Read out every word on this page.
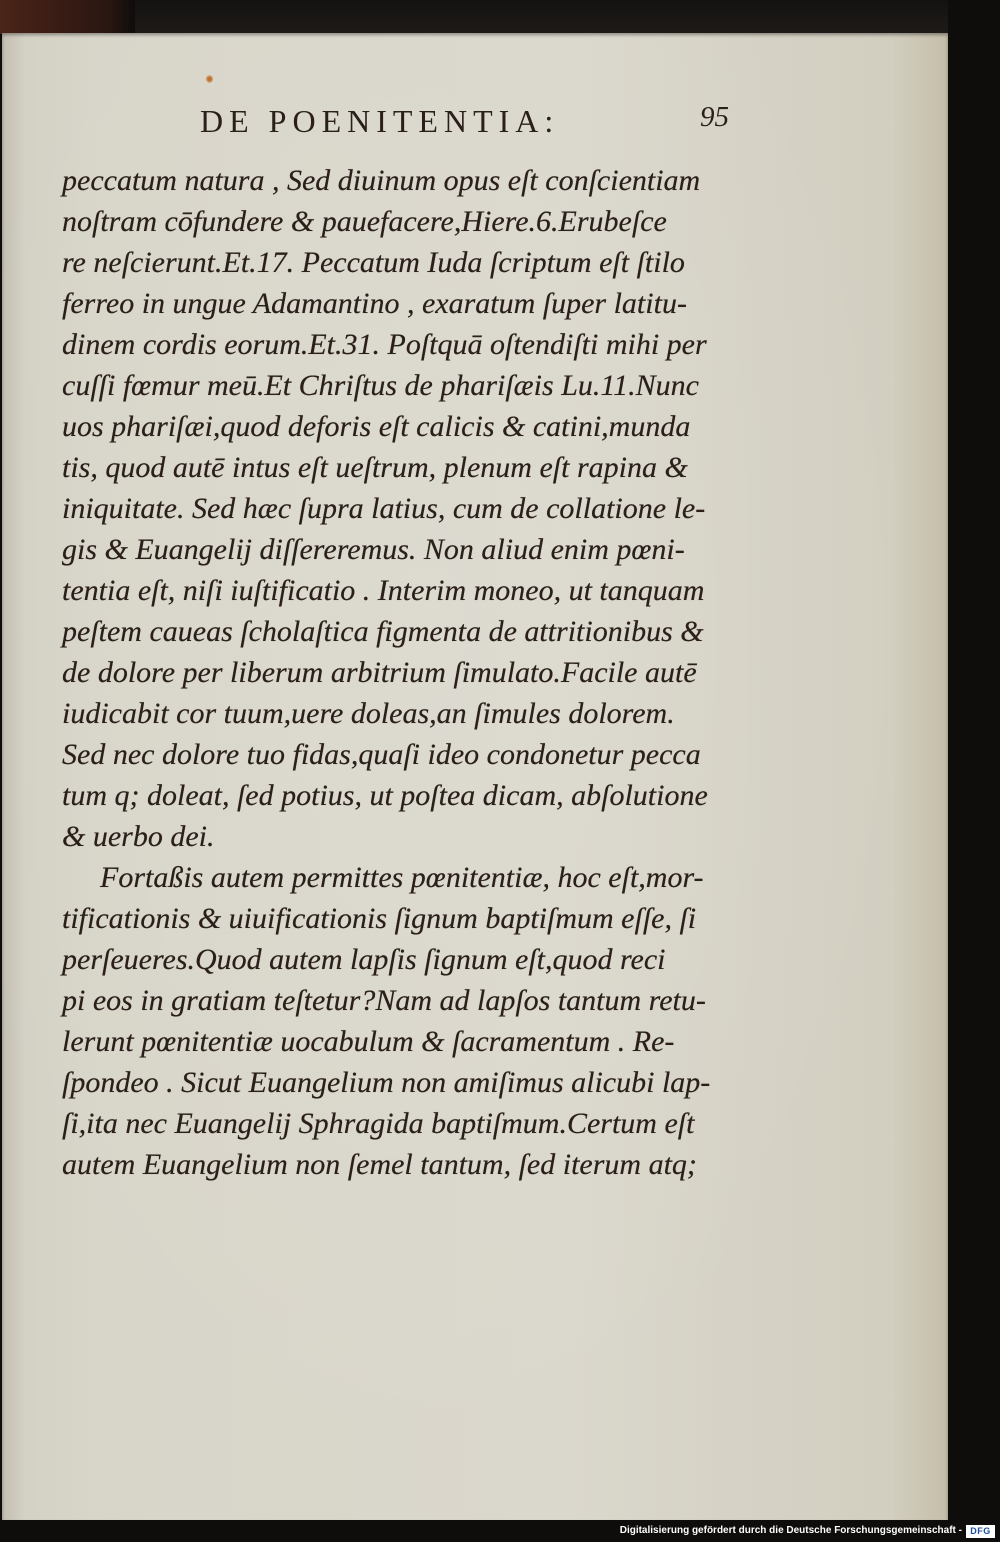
DE POENITENTIA:	95
peccatum natura , Sed diuinum opus eſt conſcientiam
noſtram cōfundere & pauefacere,Hiere.6.Erubeſce
re neſcierunt.Et.17. Peccatum Iuda ſcriptum eſt ſtilo
ferreo in ungue Adamantino , exaratum ſuper latitu-
dinem cordis eorum.Et.31. Poſtquā oſtendiſti mihi per
cuſſi fœmur meū.Et Chriſtus de phariſæis Lu.11.Nunc
uos phariſæi,quod deforis eſt calicis & catini,munda
tis, quod autē intus eſt ueſtrum, plenum eſt rapina &
iniquitate. Sed hæc ſupra latius, cum de collatione le-
gis & Euangelij diſſereremus. Non aliud enim pœni-
tentia eſt, niſi iuſtificatio . Interim moneo, ut tanquam
peſtem caueas ſcholaſtica figmenta de attritionibus &
de dolore per liberum arbitrium ſimulato.Facile autē
iudicabit cor tuum,uere doleas,an ſimules dolorem.
Sed nec dolore tuo fidas,quaſi ideo condonetur pecca
tum q; doleat, ſed potius, ut poſtea dicam, abſolutione
& uerbo dei.
Fortaßis autem permittes pœnitentiæ, hoc eſt,mor-
tificationis & uiuificationis ſignum baptiſmum eſſe, ſi
perſeueres.Quod autem lapſis ſignum eſt,quod reci
pi eos in gratiam teſtetur?Nam ad lapſos tantum retu-
lerunt pœnitentiæ uocabulum & ſacramentum . Re-
ſpondeo . Sicut Euangelium non amiſimus alicubi lap-
ſi,ita nec Euangelij Sphragida baptiſmum.Certum eſt
autem Euangelium non ſemel tantum, ſed iterum atq;
Digitalisierung gefördert durch die Deutsche Forschungsgemeinschaft - DFG
